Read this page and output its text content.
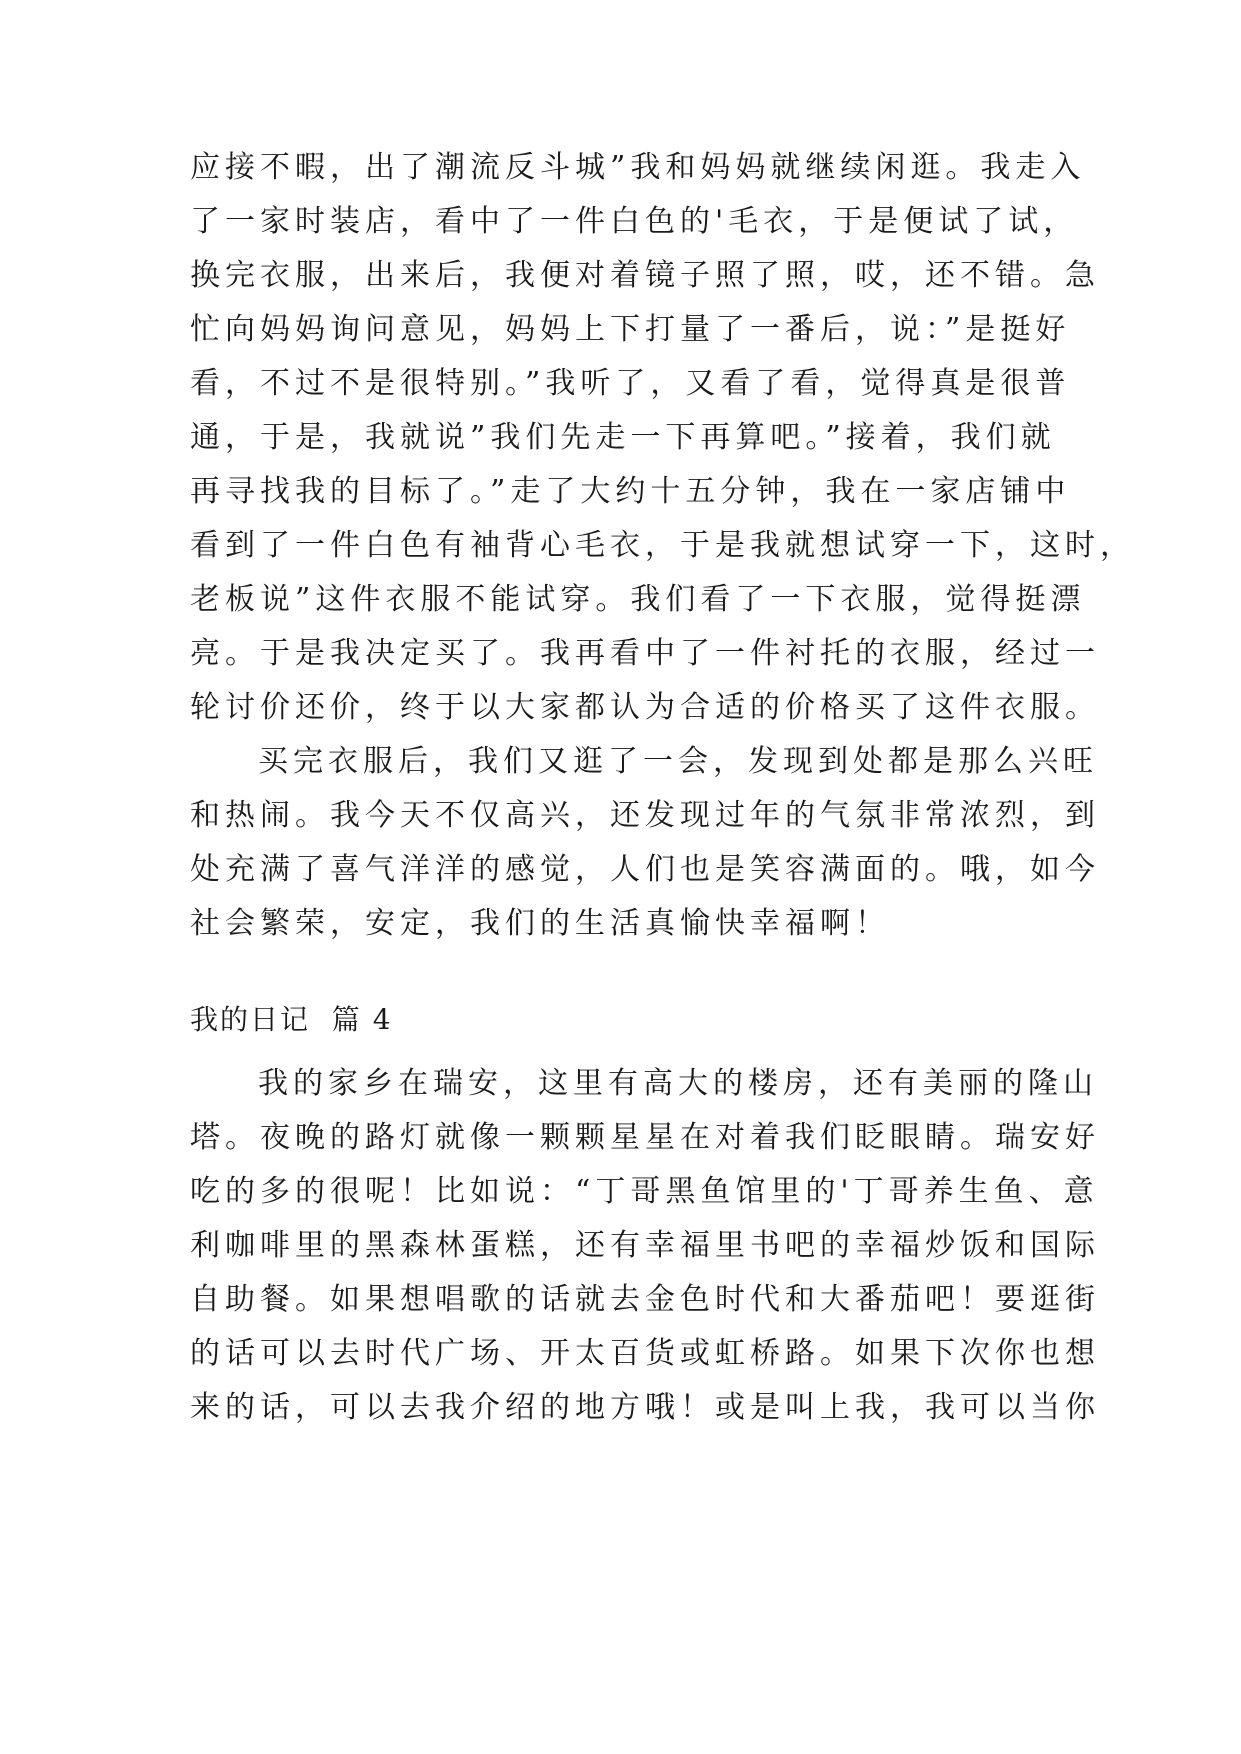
应接不暇，出了潮流反斗城”我和妈妈就继续闲逛。我走入
了一家时装店，看中了一件白色的'毛衣，于是便试了试，
换完衣服，出来后，我便对着镜子照了照，哎，还不错。急
忙向妈妈询问意见，妈妈上下打量了一番后，说：”是挺好
看，不过不是很特别。”我听了，又看了看，觉得真是很普
通，于是，我就说”我们先走一下再算吧。”接着，我们就
再寻找我的目标了。”走了大约十五分钟，我在一家店铺中
看到了一件白色有袖背心毛衣，于是我就想试穿一下，这时，
老板说”这件衣服不能试穿。我们看了一下衣服，觉得挺漂
亮。于是我决定买了。我再看中了一件衬托的衣服，经过一
轮讨价还价，终于以大家都认为合适的价格买了这件衣服。
买完衣服后，我们又逛了一会，发现到处都是那么兴旺
和热闹。我今天不仅高兴，还发现过年的气氛非常浓烈，到
处充满了喜气洋洋的感觉，人们也是笑容满面的。哦，如今
社会繁荣，安定，我们的生活真愉快幸福啊！
我的日记  篇 4
我的家乡在瑞安，这里有高大的楼房，还有美丽的隆山
塔。夜晚的路灯就像一颗颗星星在对着我们眨眼睛。瑞安好
吃的多的很呢！比如说：“丁哥黑鱼馆里的'丁哥养生鱼、意
利咖啡里的黑森林蛋糕，还有幸福里书吧的幸福炒饭和国际
自助餐。如果想唱歌的话就去金色时代和大番茄吧！要逛街
的话可以去时代广场、开太百货或虹桥路。如果下次你也想
来的话，可以去我介绍的地方哦！或是叫上我，我可以当你
